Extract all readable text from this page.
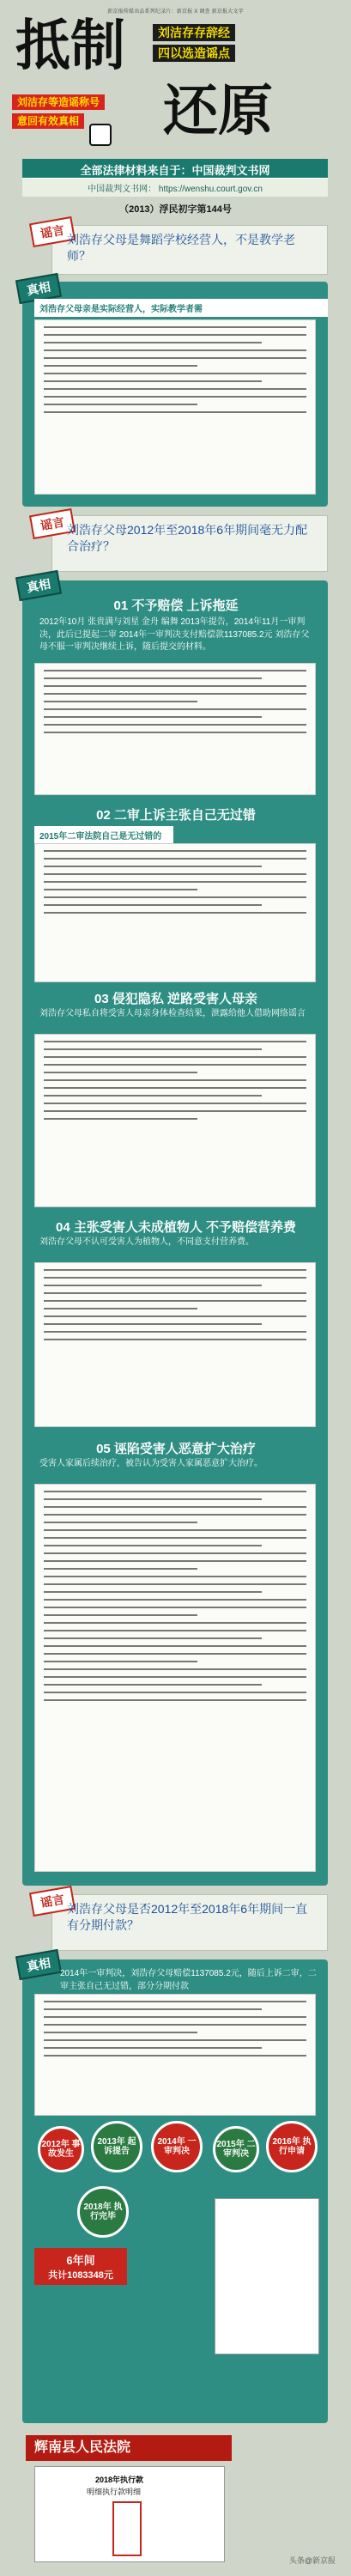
新京报传媒出品系列纪录片：新京报 X 调查 新京报大文字
抵制	刘洁存存辞经
四以选造谣点
刘洁存等造谣称号
意回有效真相 还原
全部法律材料来自于：中国裁判文书网
中国裁判文书网： https://wenshu.court.gov.cn
（2013）浮民初字第144号
谣言 刘浩存父母是舞蹈学校经营人，不是教学老师？
真相
刘浩存父母亲是实际经营人，实际教学者需
谣言 刘浩存父母2012年至2018年6年期间毫无力配合治疗？
真相
01 不予赔偿 上诉拖延
2012年10月 张贵满与刘星 金舟 编舞 2013年提告，2014年11月一审判决，此后已提起二审 2014年一审判决支付赔偿款1137085.2元 刘浩存父母不服一审判决继续上诉，随后提交的材料。
02 二审上诉主张自己无过错
2015年二审法院自己是无过错的
03 侵犯隐私 逆路受害人母亲
刘浩存父母私自将受害人母亲身体检查结果，泄露给他人借助网络谣言
04 主张受害人未成植物人 不予赔偿营养费
刘浩存父母不认可受害人为植物人，不同意支付营养费。
05 诬陷受害人恶意扩大治疗
受害人家属后续治疗，被告认为受害人家属恶意扩大治疗。
谣言 刘浩存父母是否2012年至2018年6年期间一直有分期付款？
真相
2014年一审判决，刘浩存父母赔偿1137085.2元，随后上诉二审，二审主张自己无过错，部分分期付款
2012年 事故发生
2013年 起诉提告
2014年 一审判决
2015年 二审判决
2016年 执行申请
2018年 执行完毕
6年间
共计1083348元
辉南县人民法院
2018年执行款
明细执行款明细
头条@新京报
